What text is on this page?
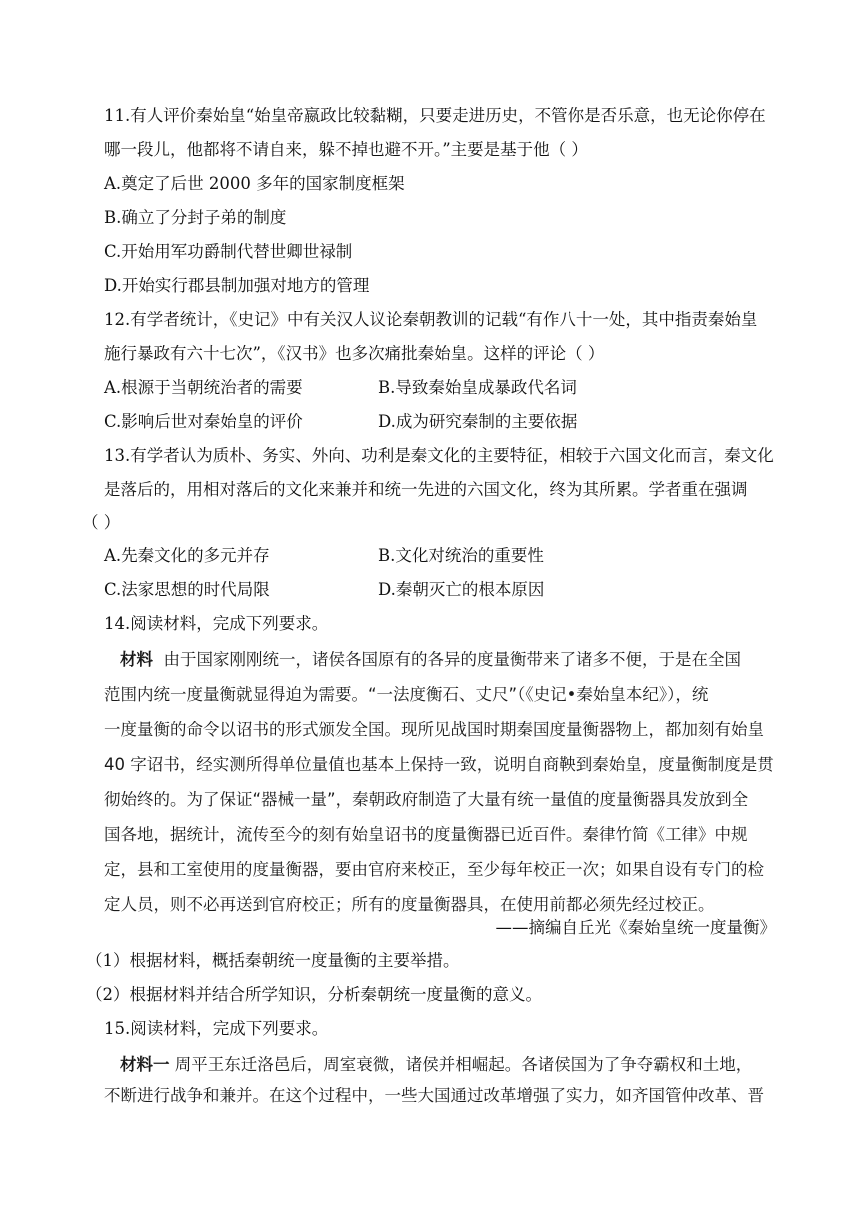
11.有人评价秦始皇“始皇帝嬴政比较黏糊，只要走进历史，不管你是否乐意，也无论你停在
哪一段儿，他都将不请自来，躲不掉也避不开。”主要是基于他（ ）
A.奠定了后世 2000 多年的国家制度框架
B.确立了分封子弟的制度
C.开始用军功爵制代替世卿世禄制
D.开始实行郡县制加强对地方的管理
12.有学者统计，《史记》中有关汉人议论秦朝教训的记载“有作八十一处，其中指责秦始皇
施行暴政有六十七次”，《汉书》也多次痛批秦始皇。这样的评论（ ）
A.根源于当朝统治者的需要	B.导致秦始皇成暴政代名词
C.影响后世对秦始皇的评价	D.成为研究秦制的主要依据
13.有学者认为质朴、务实、外向、功利是秦文化的主要特征，相较于六国文化而言，秦文化
是落后的，用相对落后的文化来兼并和统一先进的六国文化，终为其所累。学者重在强调
（ ）
A.先秦文化的多元并存	B.文化对统治的重要性
C.法家思想的时代局限	D.秦朝灭亡的根本原因
14.阅读材料，完成下列要求。
材料 由于国家刚刚统一，诸侯各国原有的各异的度量衡带来了诸多不便，于是在全国
范围内统一度量衡就显得迫为需要。“一法度衡石、丈尺”（《史记•秦始皇本纪》），统
一度量衡的命令以诏书的形式颁发全国。现所见战国时期秦国度量衡器物上，都加刻有始皇
40 字诏书，经实测所得单位量值也基本上保持一致，说明自商鞅到秦始皇，度量衡制度是贯
彻始终的。为了保证“器械一量”，秦朝政府制造了大量有统一量值的度量衡器具发放到全
国各地，据统计，流传至今的刻有始皇诏书的度量衡器已近百件。秦律竹简《工律》中规
定，县和工室使用的度量衡器，要由官府来校正，至少每年校正一次；如果自设有专门的检
定人员，则不必再送到官府校正；所有的度量衡器具，在使用前都必须先经过校正。
——摘编自丘光《秦始皇统一度量衡》
（1）根据材料，概括秦朝统一度量衡的主要举措。
（2）根据材料并结合所学知识，分析秦朝统一度量衡的意义。
15.阅读材料，完成下列要求。
材料一 周平王东迁洛邑后，周室衰微，诸侯并相崛起。各诸侯国为了争夺霸权和土地，
不断进行战争和兼并。在这个过程中，一些大国通过改革增强了实力，如齐国管仲改革、晋
